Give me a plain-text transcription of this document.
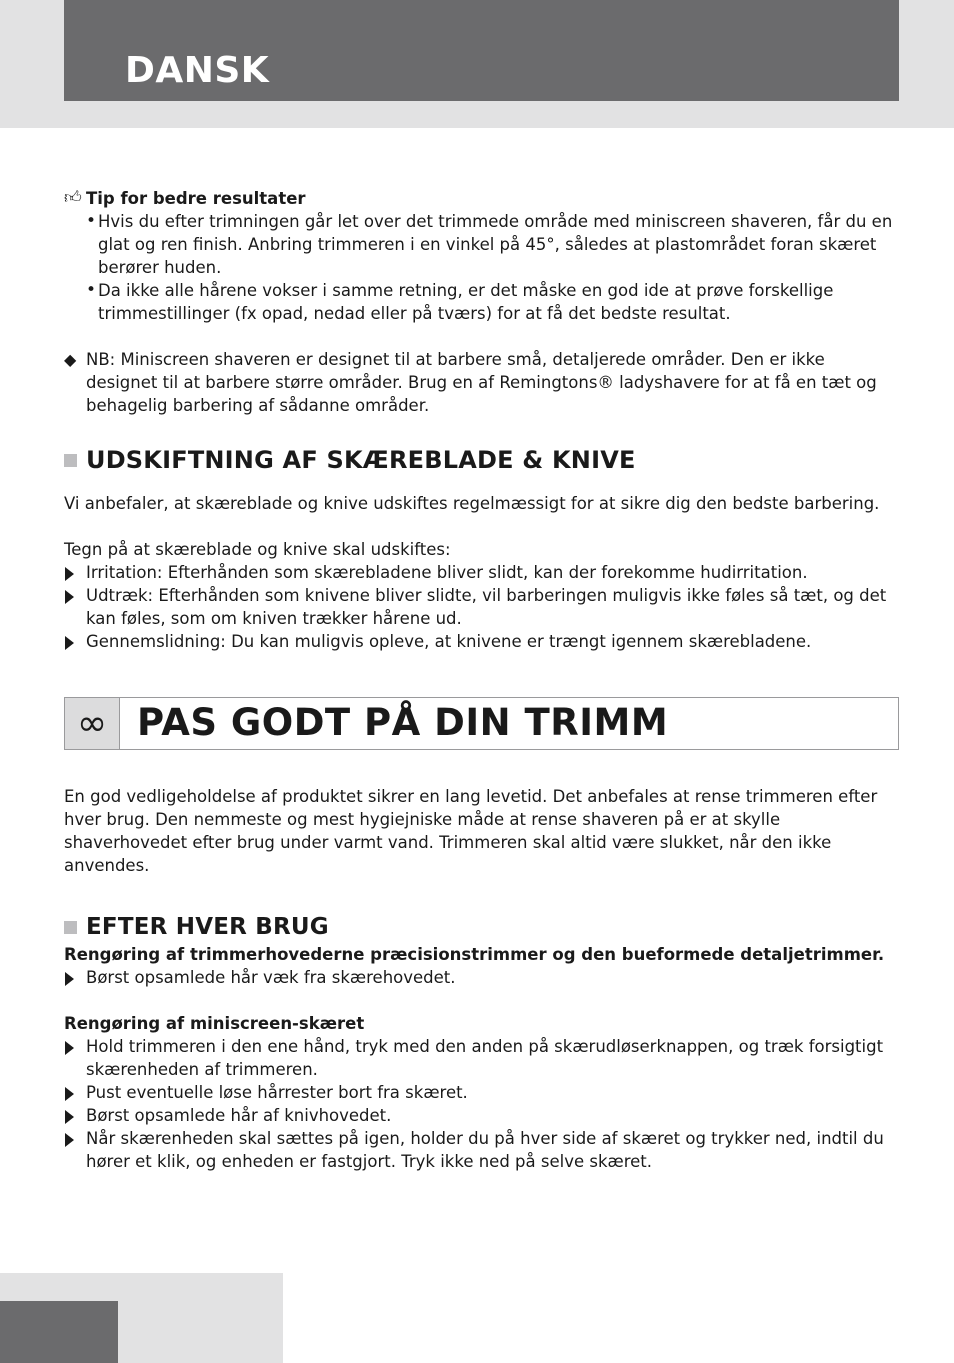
DANSK
👍︎ Tip for bedre resultater
• Hvis du efter trimningen går let over det trimmede område med miniscreen shaveren, får du en glat og ren finish. Anbring trimmeren i en vinkel på 45°, således at plastområdet foran skæret berører huden.
• Da ikke alle hårene vokser i samme retning, er det måske en god ide at prøve forskellige trimmestillinger (fx opad, nedad eller på tværs) for at få det bedste resultat.
◆ NB: Miniscreen shaveren er designet til at barbere små, detaljerede områder. Den er ikke designet til at barbere større områder. Brug en af Remingtons® ladyshavere for at få en tæt og behagelig barbering af sådanne områder.
UDSKIFTNING AF SKÆREBLADE & KNIVE
Vi anbefaler, at skæreblade og knive udskiftes regelmæssigt for at sikre dig den bedste barbering.
Tegn på at skæreblade og knive skal udskiftes:
Irritation: Efterhånden som skærebladene bliver slidt, kan der forekomme hudirritation.
Udtræk: Efterhånden som knivene bliver slidte, vil barberingen muligvis ikke føles så tæt, og det kan føles, som om kniven trækker hårene ud.
Gennemslidning: Du kan muligvis opleve, at knivene er trængt igennem skærebladene.
∞ PAS GODT PÅ DIN TRIMM
En god vedligeholdelse af produktet sikrer en lang levetid. Det anbefales at rense trimmeren efter hver brug. Den nemmeste og mest hygiejniske måde at rense shaveren på er at skylle shaverhovedet efter brug under varmt vand. Trimmeren skal altid være slukket, når den ikke anvendes.
EFTER HVER BRUG
Rengøring af trimmerhovederne præcisionstrimmer og den bueformede detaljetrimmer.
Børst opsamlede hår væk fra skærehovedet.
Rengøring af miniscreen-skæret
Hold trimmeren i den ene hånd, tryk med den anden på skærudløserknappen, og træk forsigtigt skærenheden af trimmeren.
Pust eventuelle løse hårrester bort fra skæret.
Børst opsamlede hår af knivhovedet.
Når skærenheden skal sættes på igen, holder du på hver side af skæret og trykker ned, indtil du hører et klik, og enheden er fastgjort. Tryk ikke ned på selve skæret.
